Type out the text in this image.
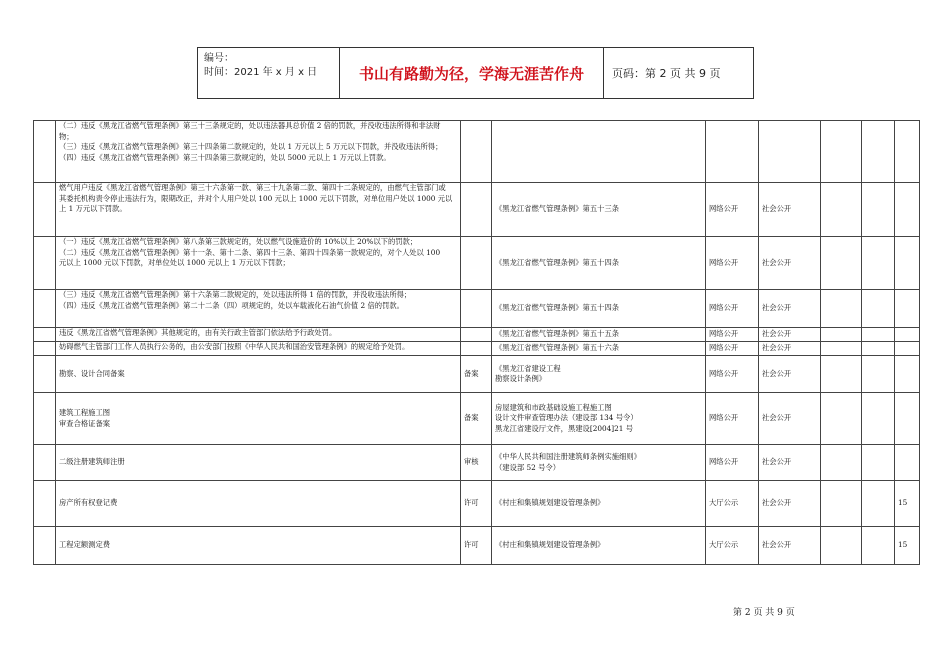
编号：
时间：2021 年 x 月 x 日	书山有路勤为径，学海无涯苦作舟	页码：第 2 页 共 9 页

	（二）违反《黑龙江省燃气管理条例》第三十三条规定的，处以违法器具总价值 2 倍的罚款，并没收违法所得和非法财
物；
（三）违反《黑龙江省燃气管理条例》第三十四条第二款规定的，处以 1 万元以上 5 万元以下罚款，并没收违法所得；
（四）违反《黑龙江省燃气管理条例》第三十四条第三款规定的，处以 5000 元以上 1 万元以上罚款。								

	燃气用户违反《黑龙江省燃气管理条例》第三十六条第一款、第三十九条第二款、第四十二条规定的，由燃气主管部门或
其委托机构责令停止违法行为，限期改正，并对个人用户处以 100 元以上 1000 元以下罚款，对单位用户处以 1000 元以
上 1 万元以下罚款。		《黑龙江省燃气管理条例》第五十三条	网络公开	社会公开				

	（一）违反《黑龙江省燃气管理条例》第八条第三款规定的，处以燃气设施造价的 10%以上 20%以下的罚款；
（二）违反《黑龙江省燃气管理条例》第十一条、第十二条、第四十三条、第四十四条第一款规定的，对个人处以 100
元以上 1000 元以下罚款，对单位处以 1000 元以上 1 万元以下罚款；		《黑龙江省燃气管理条例》第五十四条	网络公开	社会公开				

	（三）违反《黑龙江省燃气管理条例》第十六条第二款规定的，处以违法所得 1 倍的罚款，并没收违法所得；
（四）违反《黑龙江省燃气管理条例》第二十二条（四）项规定的，处以车载液化石油气价值 2 倍的罚款。		《黑龙江省燃气管理条例》第五十四条	网络公开	社会公开				

	违反《黑龙江省燃气管理条例》其他规定的，由有关行政主管部门依法给予行政处罚。		《黑龙江省燃气管理条例》第五十五条	网络公开	社会公开				

	妨碍燃气主管部门工作人员执行公务的，由公安部门按照《中华人民共和国治安管理条例》的规定给予处罚。		《黑龙江省燃气管理条例》第五十六条	网络公开	社会公开				

	勘察、设计合同备案	备案	《黑龙江省建设工程
勘察设计条例》	网络公开	社会公开				

	建筑工程施工图
审查合格证备案	备案	房屋建筑和市政基础设施工程施工图
设计文件审查管理办法（建设部 134 号令）
黑龙江省建设厅文件，黑建设[2004]21 号	网络公开	社会公开				

	二级注册建筑师注册	审核	《中华人民共和国注册建筑师条例实施细则》
（建设部 52 号令）	网络公开	社会公开				

	房产所有权登记费	许可	《村庄和集镇规划建设管理条例》	大厅公示	社会公开			15	

	工程定额测定费	许可	《村庄和集镇规划建设管理条例》	大厅公示	社会公开			15	
第 2 页 共 9 页
